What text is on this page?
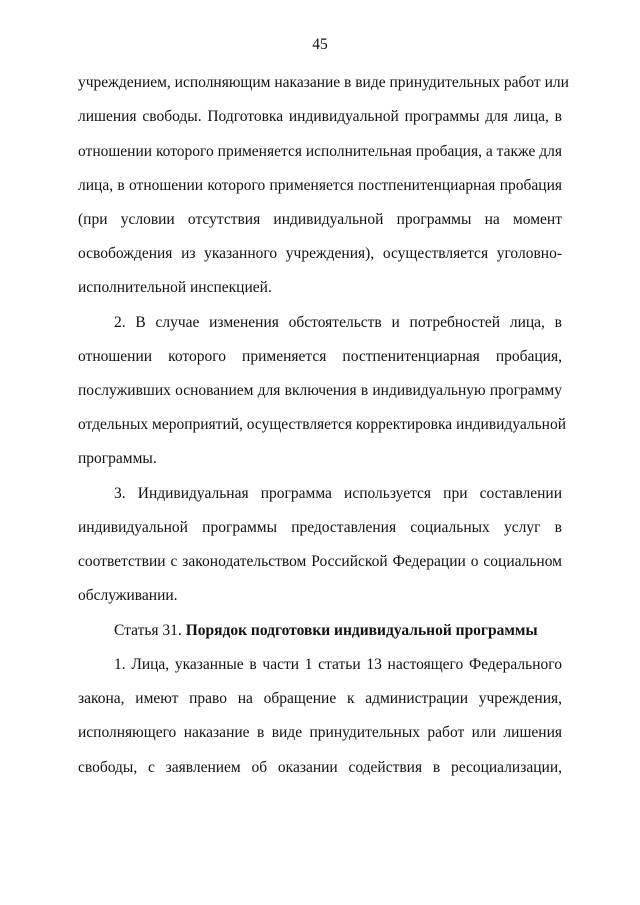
45
учреждением, исполняющим наказание в виде принудительных работ или
лишения свободы. Подготовка индивидуальной программы для лица, в
отношении которого применяется исполнительная пробация, а также для
лица, в отношении которого применяется постпенитенциарная пробация
(при условии отсутствия индивидуальной программы на момент
освобождения из указанного учреждения), осуществляется уголовно-
исполнительной инспекцией.
2. В случае изменения обстоятельств и потребностей лица, в
отношении которого применяется постпенитенциарная пробация,
послуживших основанием для включения в индивидуальную программу
отдельных мероприятий, осуществляется корректировка индивидуальной
программы.
3. Индивидуальная программа используется при составлении
индивидуальной программы предоставления социальных услуг в
соответствии с законодательством Российской Федерации о социальном
обслуживании.
Статья 31. Порядок подготовки индивидуальной программы
1. Лица, указанные в части 1 статьи 13 настоящего Федерального
закона, имеют право на обращение к администрации учреждения,
исполняющего наказание в виде принудительных работ или лишения
свободы, с заявлением об оказании содействия в ресоциализации,
